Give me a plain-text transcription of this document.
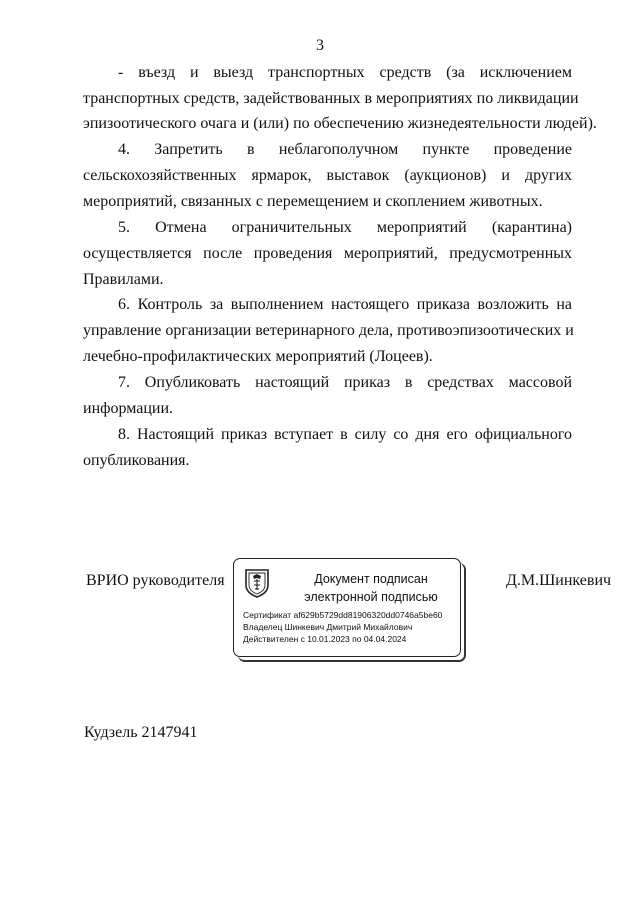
3
- въезд и выезд транспортных средств (за исключением
транспортных средств, задействованных в мероприятиях по ликвидации
эпизоотического очага и (или) по обеспечению жизнедеятельности людей).
4. Запретить в неблагополучном пункте проведение
сельскохозяйственных ярмарок, выставок (аукционов) и других
мероприятий, связанных с перемещением и скоплением животных.
5. Отмена ограничительных мероприятий (карантина)
осуществляется после проведения мероприятий, предусмотренных
Правилами.
6. Контроль за выполнением настоящего приказа возложить на
управление организации ветеринарного дела, противоэпизоотических и
лечебно-профилактических мероприятий (Лоцеев).
7. Опубликовать настоящий приказ в средствах массовой
информации.
8. Настоящий приказ вступает в силу со дня его официального
опубликования.
ВРИО руководителя	Документ подписан
электронной подписью
Сертификат af629b5729dd81906320dd0746a5be60
Владелец Шинкевич Дмитрий Михайлович
Действителен с 10.01.2023 по 04.04.2024
Д.М.Шинкевич
Кудзель 2147941
